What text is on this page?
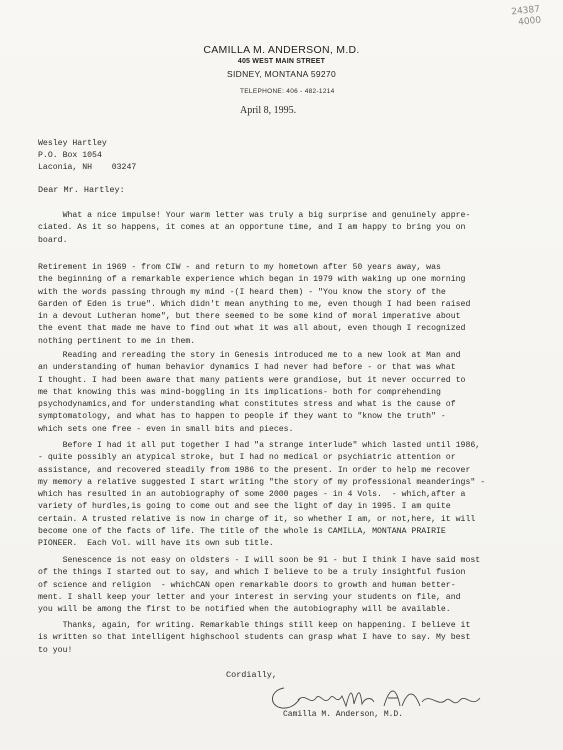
24387
4000
CAMILLA M. ANDERSON, M.D.
405 WEST MAIN STREET
SIDNEY, MONTANA 59270
TELEPHONE: 406 - 482-1214
April 8, 1995.
Wesley Hartley
P.O. Box 1054
Laconia, NH    03247
Dear Mr. Hartley:
What a nice impulse! Your warm letter was truly a big surprise and genuinely appre-
ciated. As it so happens, it comes at an opportune time, and I am happy to bring you on
board.
Retirement in 1969 - from CIW - and return to my hometown after 50 years away, was
the beginning of a remarkable experience which began in 1979 with waking up one morning
with the words passing through my mind -(I heard them) - "You know the story of the
Garden of Eden is true". Which didn't mean anything to me, even though I had been raised
in a devout Lutheran home", but there seemed to be some kind of moral imperative about
the event that made me have to find out what it was all about, even though I recognized
nothing pertinent to me in them.
Reading and rereading the story in Genesis introduced me to a new look at Man and
an understanding of human behavior dynamics I had never had before - or that was what
I thought. I had been aware that many patients were grandiose, but it never occurred to
me that knowing this was mind-boggling in its implications- both for comprehending
psychodynamics,and for understanding what constitutes stress and what is the cause of
symptomatology, and what has to happen to people if they want to "know the truth" -
which sets one free - even in small bits and pieces.
Before I had it all put together I had "a strange interlude" which lasted until 1986,
- quite possibly an atypical stroke, but I had no medical or psychiatric attention or
assistance, and recovered steadily from 1986 to the present. In order to help me recover
my memory a relative suggested I start writing "the story of my professional meanderings" -
which has resulted in an autobiography of some 2000 pages - in 4 Vols.  - which,after a
variety of hurdles,is going to come out and see the light of day in 1995. I am quite
certain. A trusted relative is now in charge of it, so whether I am, or not,here, it will
become one of the facts of life. The title of the whole is CAMILLA, MONTANA PRAIRIE
PIONEER.  Each Vol. will have its own sub title.
Senescence is not easy on oldsters - I will soon be 91 - but I think I have said most
of the things I started out to say, and which I believe to be a truly insightful fusion
of science and religion  - whichCAN open remarkable doors to growth and human better-
ment. I shall keep your letter and your interest in serving your students on file, and
you will be among the first to be notified when the autobiography will be available.
Thanks, again, for writing. Remarkable things still keep on happening. I believe it
is written so that intelligent highschool students can grasp what I have to say. My best
to you!
Cordially,
Camilla M. Anderson, M.D.
